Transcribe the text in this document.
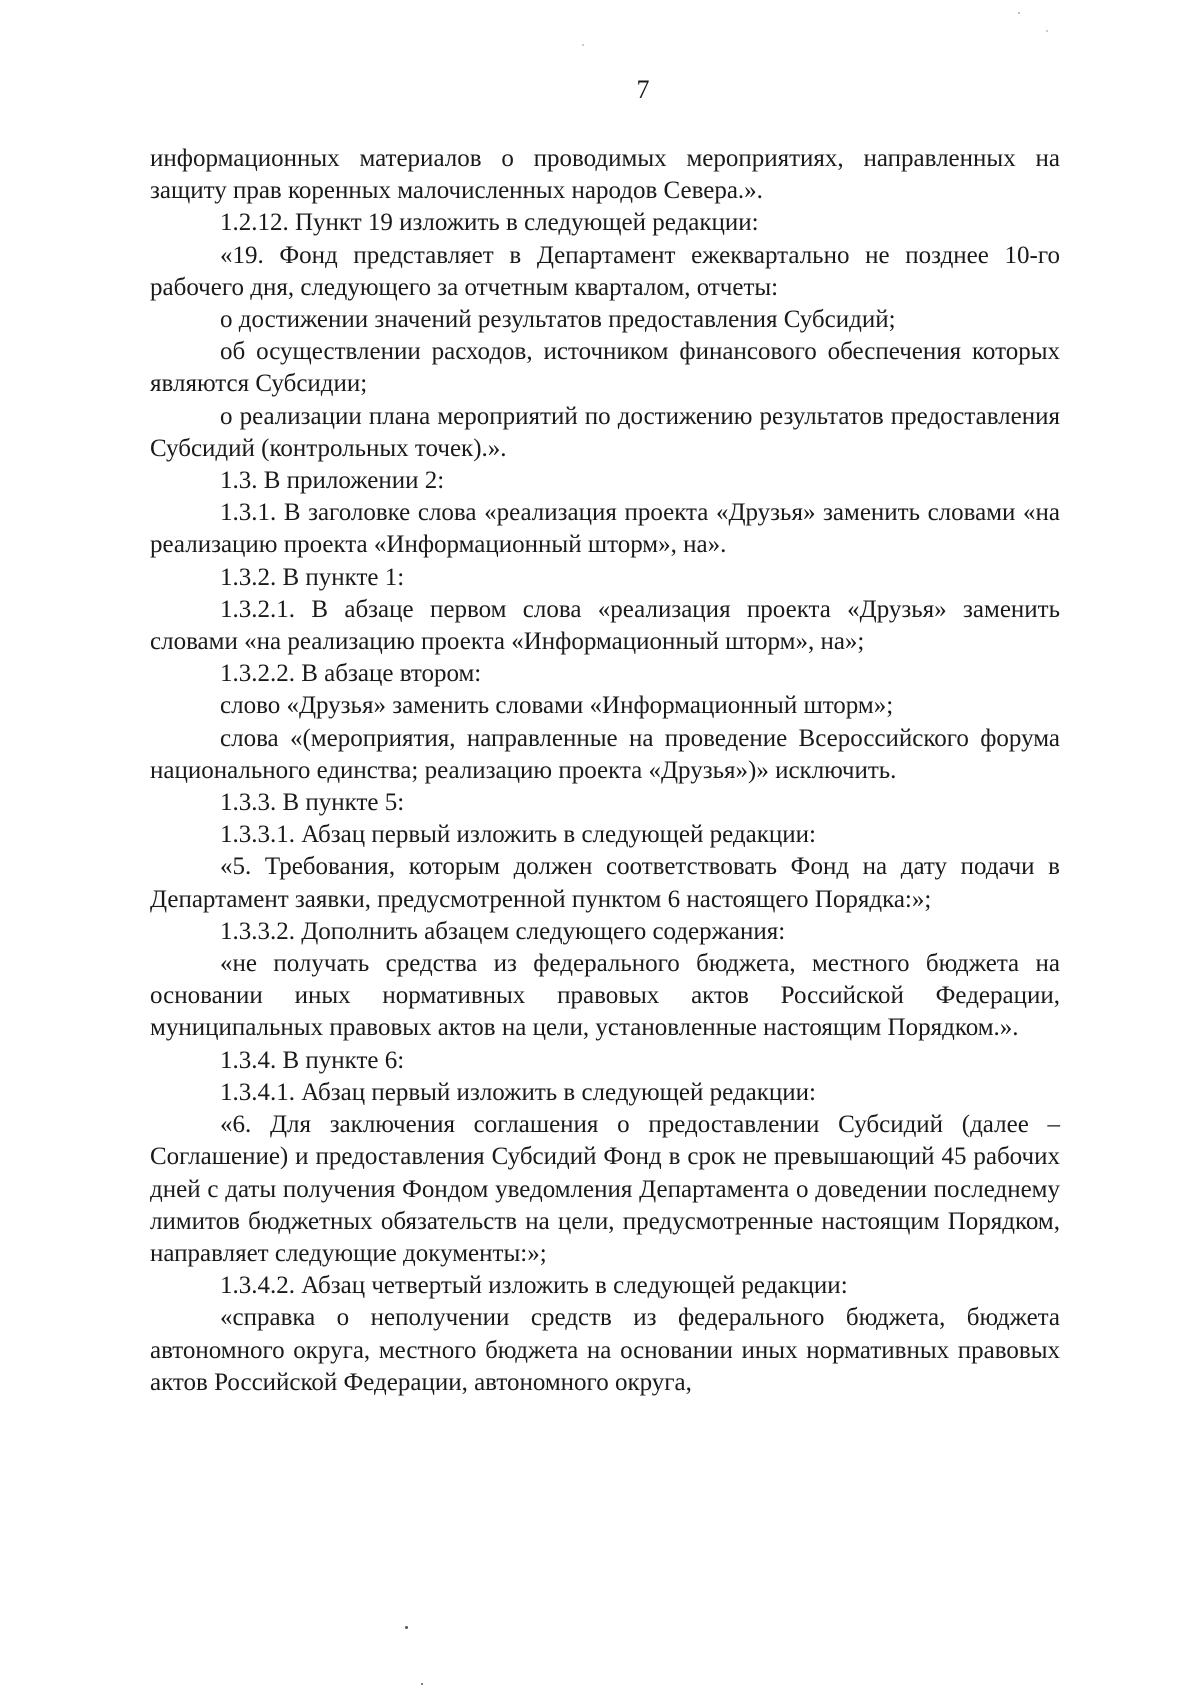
7

информационных материалов о проводимых мероприятиях, направленных на защиту прав коренных малочисленных народов Севера.».

1.2.12. Пункт 19 изложить в следующей редакции:

«19. Фонд представляет в Департамент ежеквартально не позднее 10-го рабочего дня, следующего за отчетным кварталом, отчеты:

о достижении значений результатов предоставления Субсидий;

об осуществлении расходов, источником финансового обеспечения которых являются Субсидии;

о реализации плана мероприятий по достижению результатов предоставления Субсидий (контрольных точек).».

1.3. В приложении 2:

1.3.1. В заголовке слова «реализация проекта «Друзья» заменить словами «на реализацию проекта «Информационный шторм», на».

1.3.2. В пункте 1:

1.3.2.1. В абзаце первом слова «реализация проекта «Друзья» заменить словами «на реализацию проекта «Информационный шторм», на»;

1.3.2.2. В абзаце втором:

слово «Друзья» заменить словами «Информационный шторм»;

слова «(мероприятия, направленные на проведение Всероссийского форума национального единства; реализацию проекта «Друзья»)» исключить.

1.3.3. В пункте 5:

1.3.3.1. Абзац первый изложить в следующей редакции:

«5. Требования, которым должен соответствовать Фонд на дату подачи в Департамент заявки, предусмотренной пунктом 6 настоящего Порядка:»;

1.3.3.2. Дополнить абзацем следующего содержания:

«не получать средства из федерального бюджета, местного бюджета на основании иных нормативных правовых актов Российской Федерации, муниципальных правовых актов на цели, установленные настоящим Порядком.».

1.3.4. В пункте 6:

1.3.4.1. Абзац первый изложить в следующей редакции:

«6. Для заключения соглашения о предоставлении Субсидий (далее – Соглашение) и предоставления Субсидий Фонд в срок не превышающий 45 рабочих дней с даты получения Фондом уведомления Департамента о доведении последнему лимитов бюджетных обязательств на цели, предусмотренные настоящим Порядком, направляет следующие документы:»;

1.3.4.2. Абзац четвертый изложить в следующей редакции:

«справка о неполучении средств из федерального бюджета, бюджета автономного округа, местного бюджета на основании иных нормативных правовых актов Российской Федерации, автономного округа,
